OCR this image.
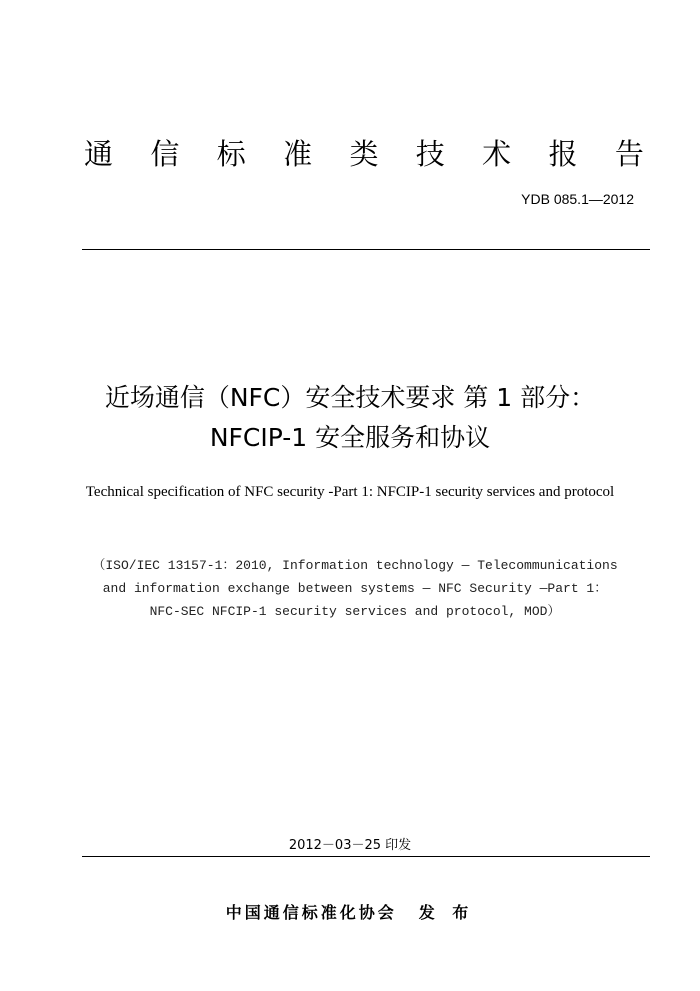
通 信 标 准 类 技 术 报 告
YDB 085.1—2012
近场通信（NFC）安全技术要求 第 1 部分：
NFCIP-1 安全服务和协议
Technical specification of NFC security -Part 1: NFCIP-1 security services and protocol
（ISO/IEC 13157-1：2010, Information technology — Telecommunications
and information exchange between systems — NFC Security —Part 1：
NFC-SEC NFCIP-1 security services and protocol, MOD）
2012－03－25 印发
中国通信标准化协会 发 布
